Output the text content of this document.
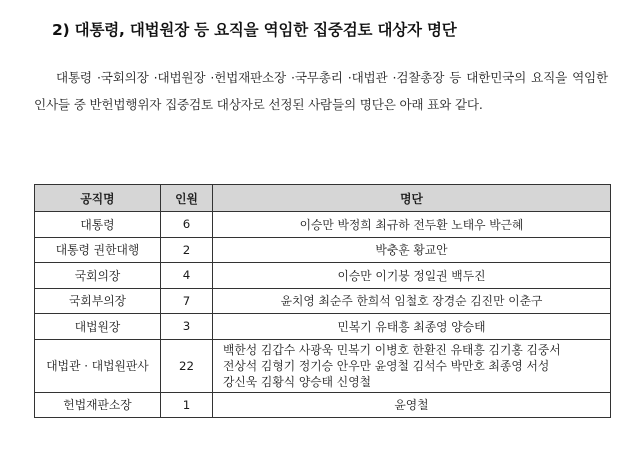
2) 대통령, 대법원장 등 요직을 역임한 집중검토 대상자 명단

대통령 ·국회의장 ·대법원장 ·헌법재판소장 ·국무총리 ·대법관 ·검찰총장 등 대한민국의 요직을 역임한 인사들 중 반헌법행위자 집중검토 대상자로 선정된 사람들의 명단은 아래 표와 같다.

공직명	인원	명단
대통령	6	이승만 박정희 최규하 전두환 노태우 박근혜
대통령 권한대행	2	박충훈 황교안
국회의장	4	이승만 이기붕 정일권 백두진
국회부의장	7	윤치영 최순주 한희석 임철호 장경순 김진만 이춘구
대법원장	3	민복기 유태흥 최종영 양승태
대법관 · 대법원판사	22	백한성 김갑수 사광욱 민복기 이병호 한환진 유태흥 김기홍 김중서
전상석 김형기 정기승 안우만 윤영철 김석수 박만호 최종영 서성
강신욱 김황식 양승태 신영철

헌법재판소장	1	윤영철
